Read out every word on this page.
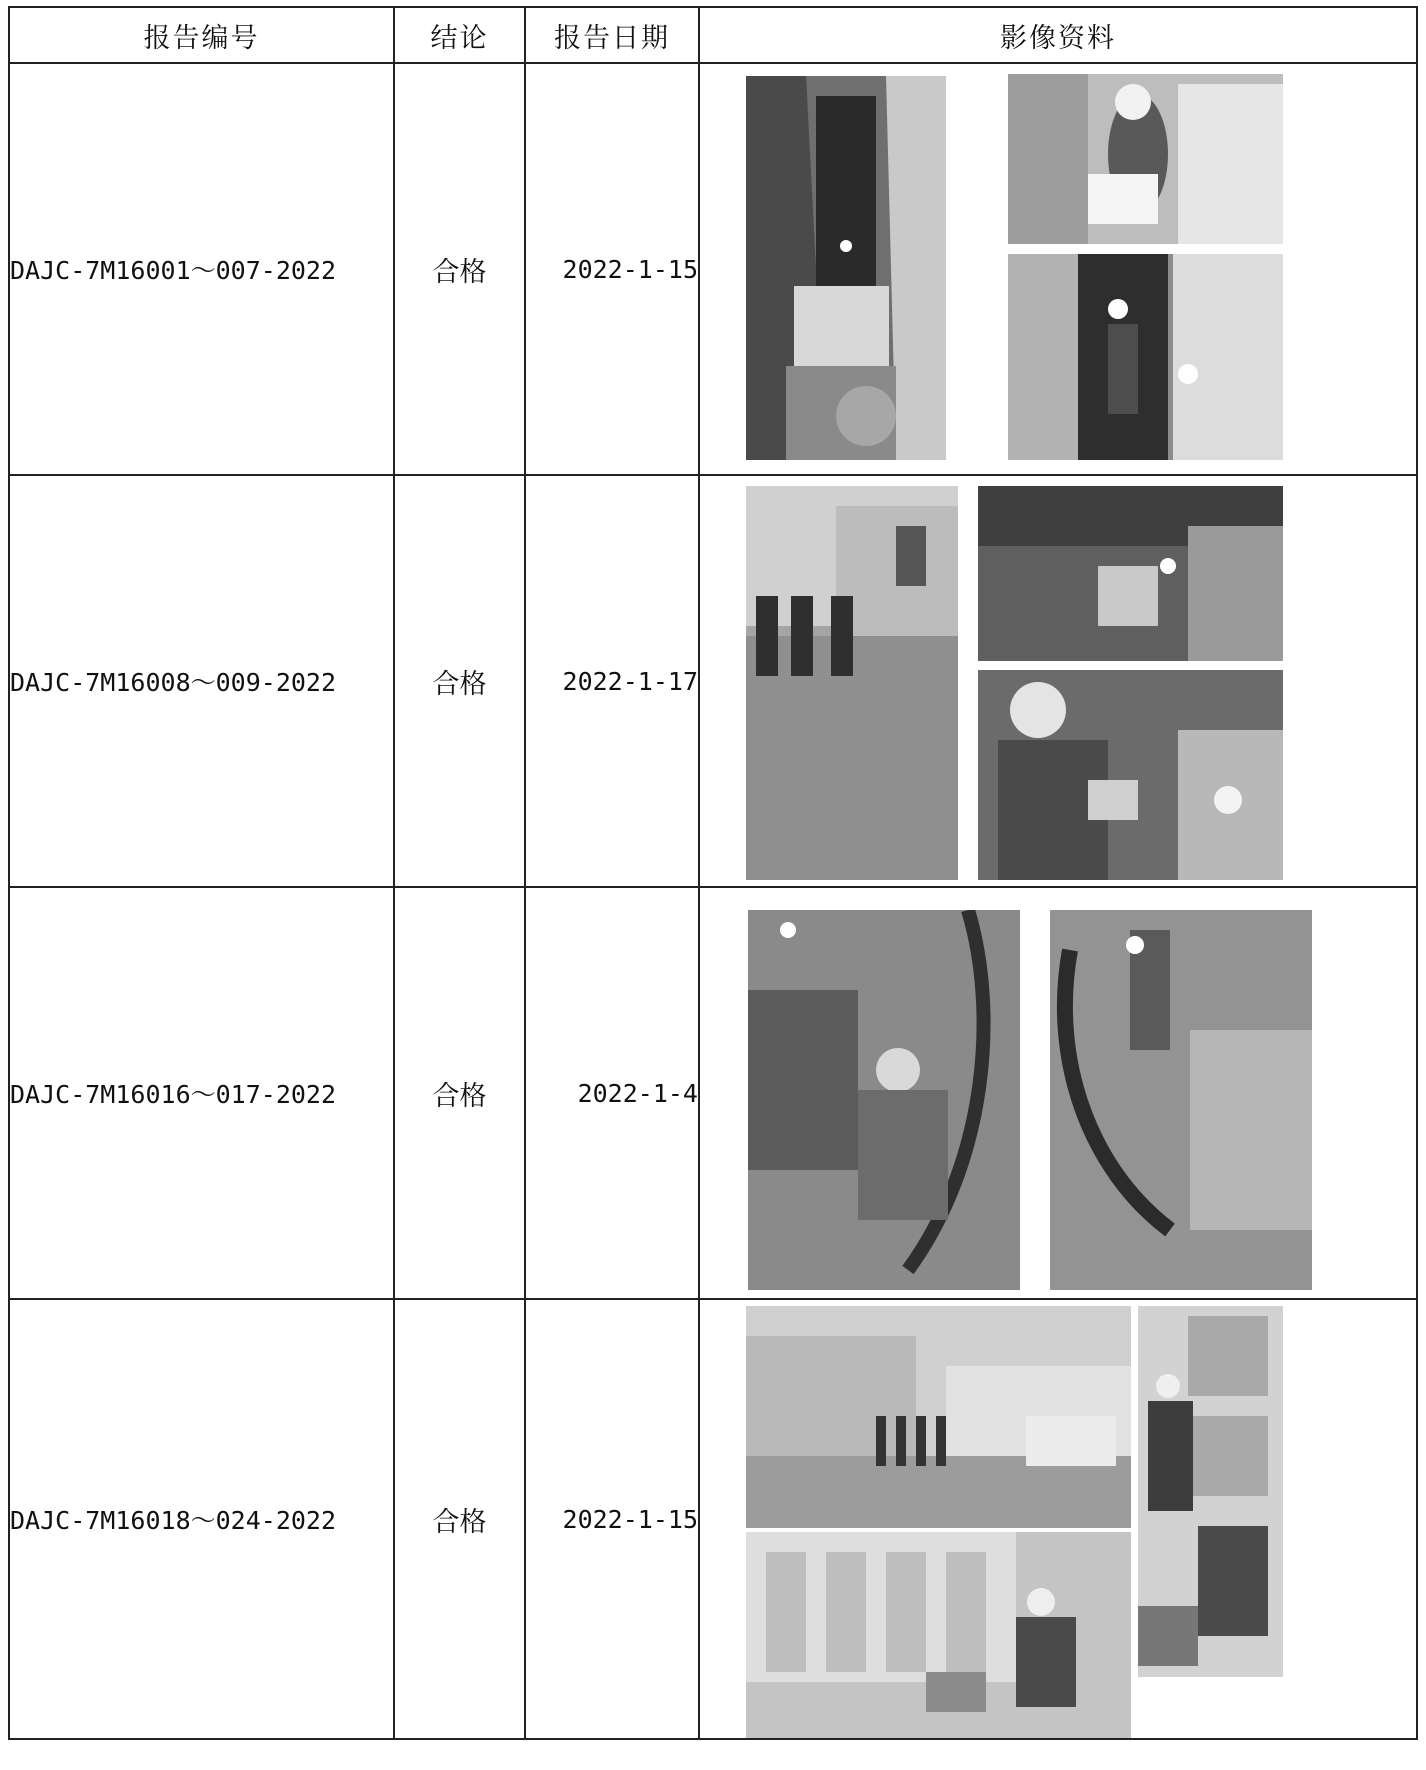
报告编号	结论	报告日期	影像资料
DAJC-7M16001～007-2022	合格	2022-1-15	

DAJC-7M16008～009-2022	合格	2022-1-17	

DAJC-7M16016～017-2022	合格	2022-1-4	

DAJC-7M16018～024-2022	合格	2022-1-15	
